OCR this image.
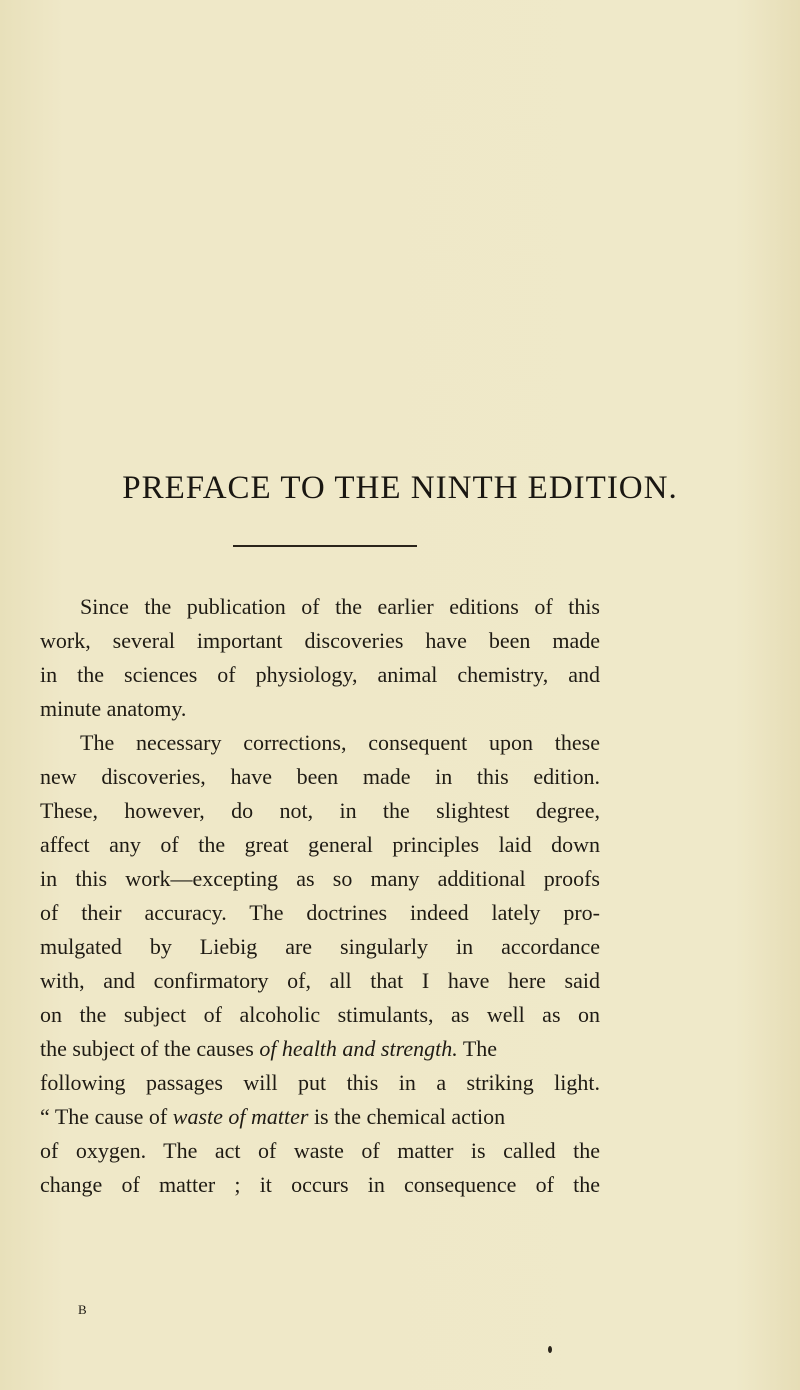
PREFACE TO THE NINTH EDITION.
Since the publication of the earlier editions of this
work, several important discoveries have been made
in the sciences of physiology, animal chemistry, and
minute anatomy.
The necessary corrections, consequent upon these
new discoveries, have been made in this edition.
These, however, do not, in the slightest degree,
affect any of the great general principles laid down
in this work—excepting as so many additional proofs
of their accuracy. The doctrines indeed lately pro-
mulgated by Liebig are singularly in accordance
with, and confirmatory of, all that I have here said
on the subject of alcoholic stimulants, as well as on
the subject of the causes of health and strength. The
following passages will put this in a striking light.
“ The cause of waste of matter is the chemical action
of oxygen. The act of waste of matter is called the
change of matter ; it occurs in consequence of the
B
